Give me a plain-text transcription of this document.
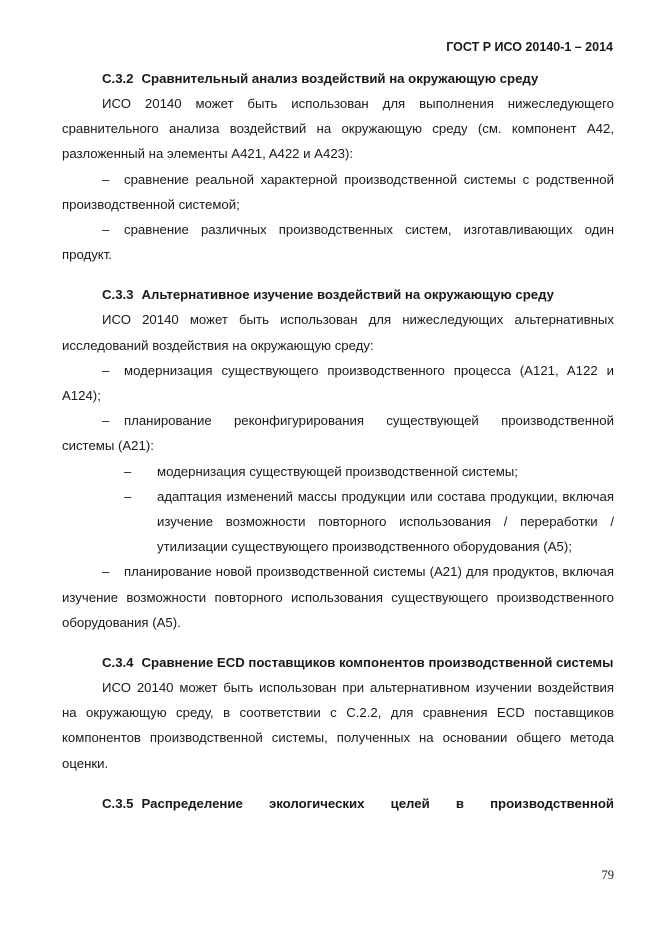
ГОСТ Р ИСО 20140-1 – 2014

C.3.2 Сравнительный анализ воздействий на окружающую среду

ИСО 20140 может быть использован для выполнения нижеследующего сравнительного анализа воздействий на окружающую среду (см. компонент A42, разложенный на элементы A421, A422 и A423):

– сравнение реальной характерной производственной системы с родственной производственной системой;

– сравнение различных производственных систем, изготавливающих один продукт.

C.3.3 Альтернативное изучение воздействий на окружающую среду

ИСО 20140 может быть использован для нижеследующих альтернативных исследований воздействия на окружающую среду:

– модернизация существующего производственного процесса (A121, A122 и A124);

– планирование реконфигурирования существующей производственной системы (A21):

– модернизация существующей производственной системы;

– адаптация изменений массы продукции или состава продукции, включая изучение возможности повторного использования / переработки / утилизации существующего производственного оборудования (A5);

– планирование новой производственной системы (A21) для продуктов, включая изучение возможности повторного использования существующего производственного оборудования (A5).

C.3.4 Сравнение ECD поставщиков компонентов производственной системы

ИСО 20140 может быть использован при альтернативном изучении воздействия на окружающую среду, в соответствии с C.2.2, для сравнения ECD поставщиков компонентов производственной системы, полученных на основании общего метода оценки.

C.3.5 Распределение экологических целей в производственной

79
